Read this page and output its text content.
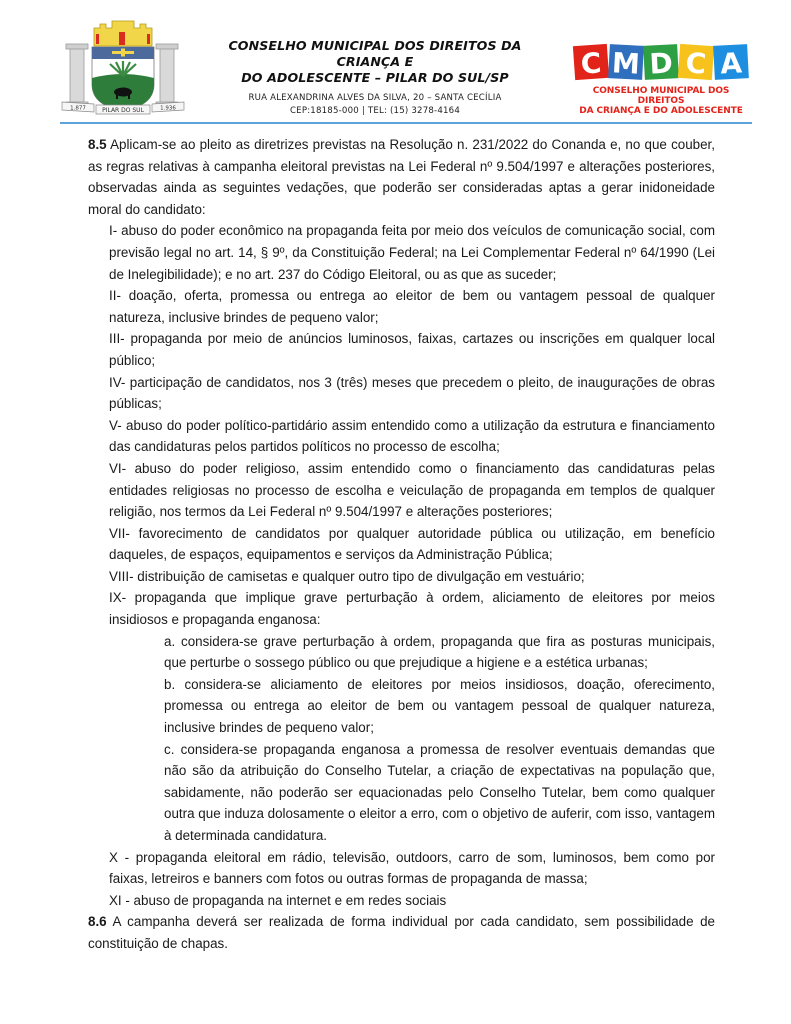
1.877	PILAR DO SUL	1.936
CONSELHO MUNICIPAL DOS DIREITOS DA CRIANÇA E
DO ADOLESCENTE – PILAR DO SUL/SP
RUA ALEXANDRINA ALVES DA SILVA, 20 – SANTA CECÍLIA
CEP:18185-000 | TEL: (15) 3278-4164
C M D C A
CONSELHO MUNICIPAL DOS DIREITOS
DA CRIANÇA E DO ADOLESCENTE

8.5 Aplicam-se ao pleito as diretrizes previstas na Resolução n. 231/2022 do Conanda e, no que couber, as regras relativas à campanha eleitoral previstas na Lei Federal nº 9.504/1997 e alterações posteriores, observadas ainda as seguintes vedações, que poderão ser consideradas aptas a gerar inidoneidade moral do candidato:

I- abuso do poder econômico na propaganda feita por meio dos veículos de comunicação social, com previsão legal no art. 14, § 9º, da Constituição Federal; na Lei Complementar Federal nº 64/1990 (Lei de Inelegibilidade); e no art. 237 do Código Eleitoral, ou as que as suceder;

II- doação, oferta, promessa ou entrega ao eleitor de bem ou vantagem pessoal de qualquer natureza, inclusive brindes de pequeno valor;

III- propaganda por meio de anúncios luminosos, faixas, cartazes ou inscrições em qualquer local público;

IV- participação de candidatos, nos 3 (três) meses que precedem o pleito, de inaugurações de obras públicas;

V- abuso do poder político-partidário assim entendido como a utilização da estrutura e financiamento das candidaturas pelos partidos políticos no processo de escolha;

VI- abuso do poder religioso, assim entendido como o financiamento das candidaturas pelas entidades religiosas no processo de escolha e veiculação de propaganda em templos de qualquer religião, nos termos da Lei Federal nº 9.504/1997 e alterações posteriores;

VII- favorecimento de candidatos por qualquer autoridade pública ou utilização, em benefício daqueles, de espaços, equipamentos e serviços da Administração Pública;

VIII- distribuição de camisetas e qualquer outro tipo de divulgação em vestuário;

IX- propaganda que implique grave perturbação à ordem, aliciamento de eleitores por meios insidiosos e propaganda enganosa:

a. considera-se grave perturbação à ordem, propaganda que fira as posturas municipais, que perturbe o sossego público ou que prejudique a higiene e a estética urbanas;

b. considera-se aliciamento de eleitores por meios insidiosos, doação, oferecimento, promessa ou entrega ao eleitor de bem ou vantagem pessoal de qualquer natureza, inclusive brindes de pequeno valor;

c. considera-se propaganda enganosa a promessa de resolver eventuais demandas que não são da atribuição do Conselho Tutelar, a criação de expectativas na população que, sabidamente, não poderão ser equacionadas pelo Conselho Tutelar, bem como qualquer outra que induza dolosamente o eleitor a erro, com o objetivo de auferir, com isso, vantagem à determinada candidatura.

X - propaganda eleitoral em rádio, televisão, outdoors, carro de som, luminosos, bem como por faixas, letreiros e banners com fotos ou outras formas de propaganda de massa;

XI - abuso de propaganda na internet e em redes sociais

8.6 A campanha deverá ser realizada de forma individual por cada candidato, sem possibilidade de constituição de chapas.
